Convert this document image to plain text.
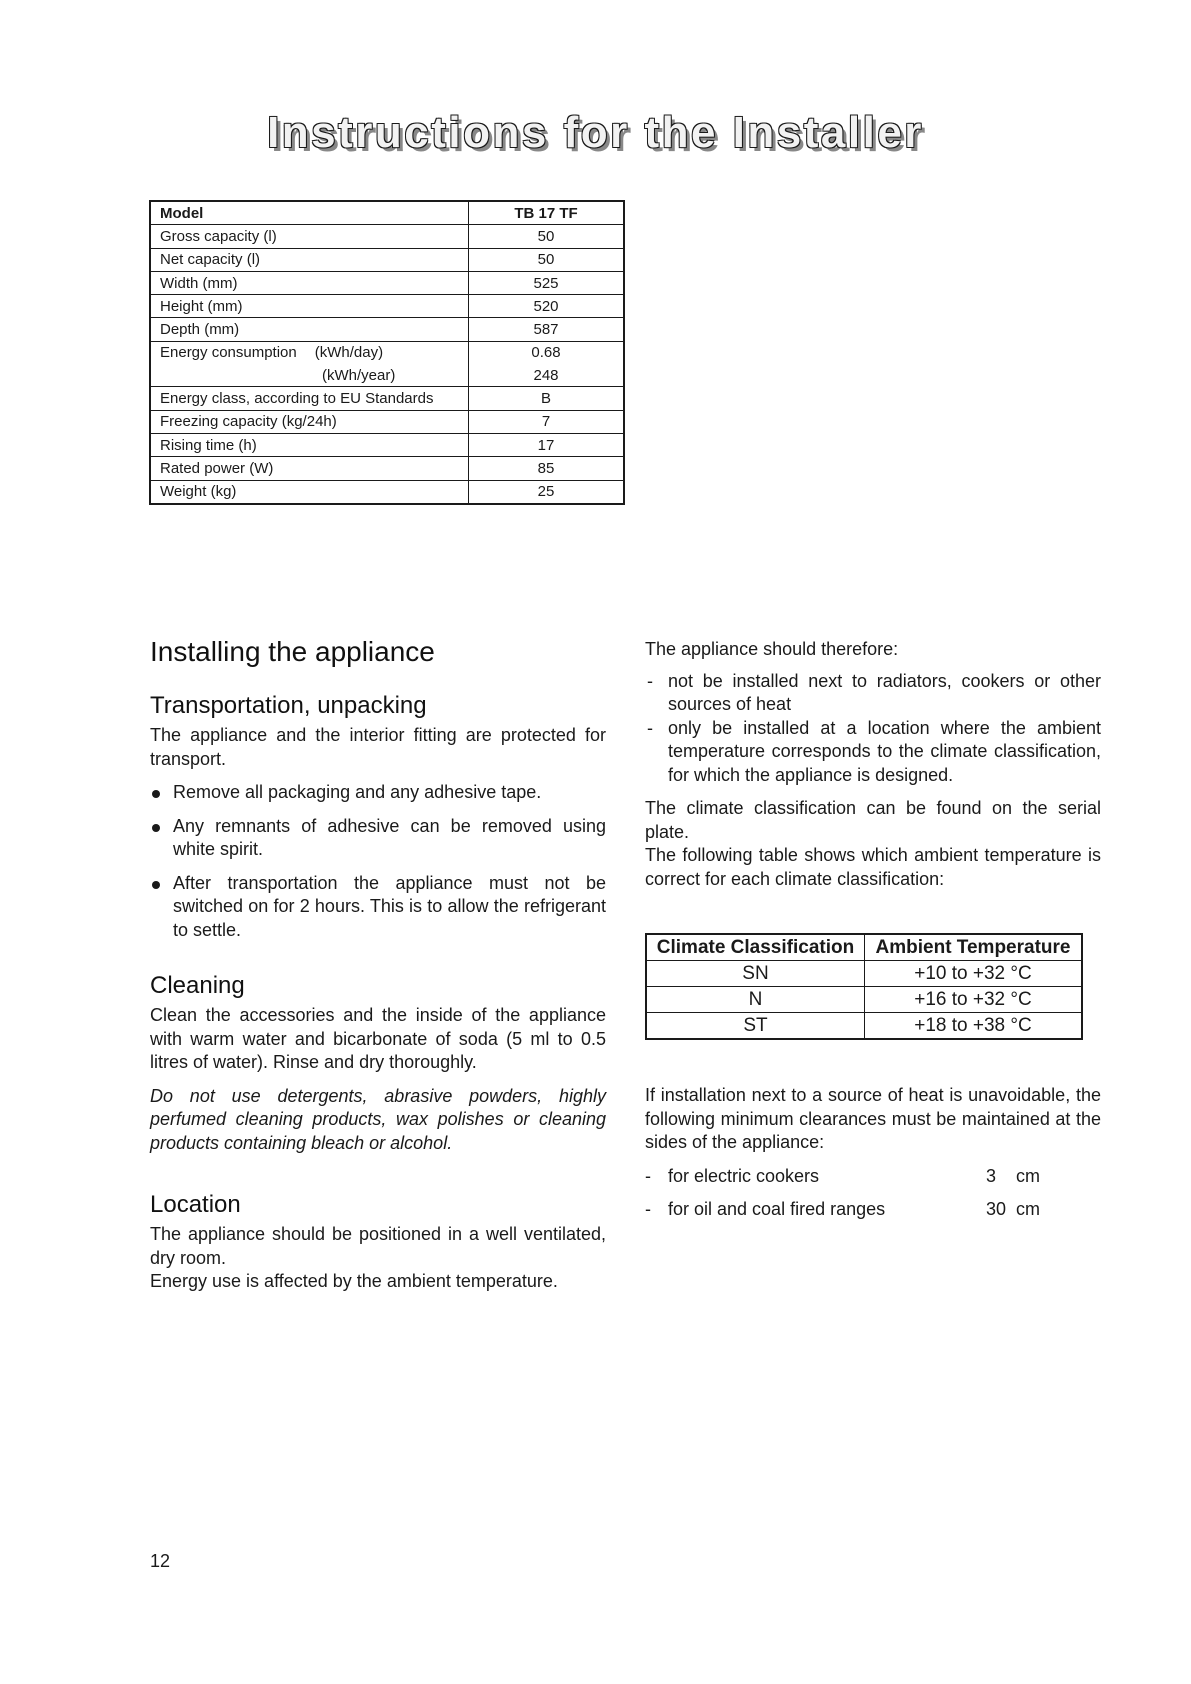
Instructions for the Installer
Model	TB 17 TF
Gross capacity (l)	50
Net capacity (l)	50
Width (mm)	525
Height (mm)	520
Depth (mm)	587
Energy consumption (kWh/day)	0.68
(kWh/year)	248
Energy class, according to EU Standards	B
Freezing capacity (kg/24h)	7
Rising time (h)	17
Rated power (W)	85
Weight (kg)	25
Installing the appliance
Transportation, unpacking

The appliance and the interior fitting are protected for transport.

Remove all packaging and any adhesive tape.
Any remnants of adhesive can be removed using white spirit.
After transportation the appliance must not be switched on for 2 hours. This is to allow the refrigerant to settle.
Cleaning

Clean the accessories and the inside of the appliance with warm water and bicarbonate of soda (5 ml to 0.5 litres of water). Rinse and dry thoroughly.

Do not use detergents, abrasive powders, highly perfumed cleaning products, wax polishes or cleaning products containing bleach or alcohol.

Location

The appliance should be positioned in a well ventilated, dry room.

Energy use is affected by the ambient temperature.

The appliance should therefore:

- not be installed next to radiators, cookers or other sources of heat
- only be installed at a location where the ambient temperature corresponds to the climate classification, for which the appliance is designed.

The climate classification can be found on the serial plate.

The following table shows which ambient temperature is correct for each climate classification:

Climate Classification	Ambient Temperature
SN	+10 to +32 °C
N	+16 to +32 °C
ST	+18 to +38 °C

If installation next to a source of heat is unavoidable, the following minimum clearances must be maintained at the sides of the appliance:

- for electric cookers	3	cm
- for oil and coal fired ranges	30 cm
12
